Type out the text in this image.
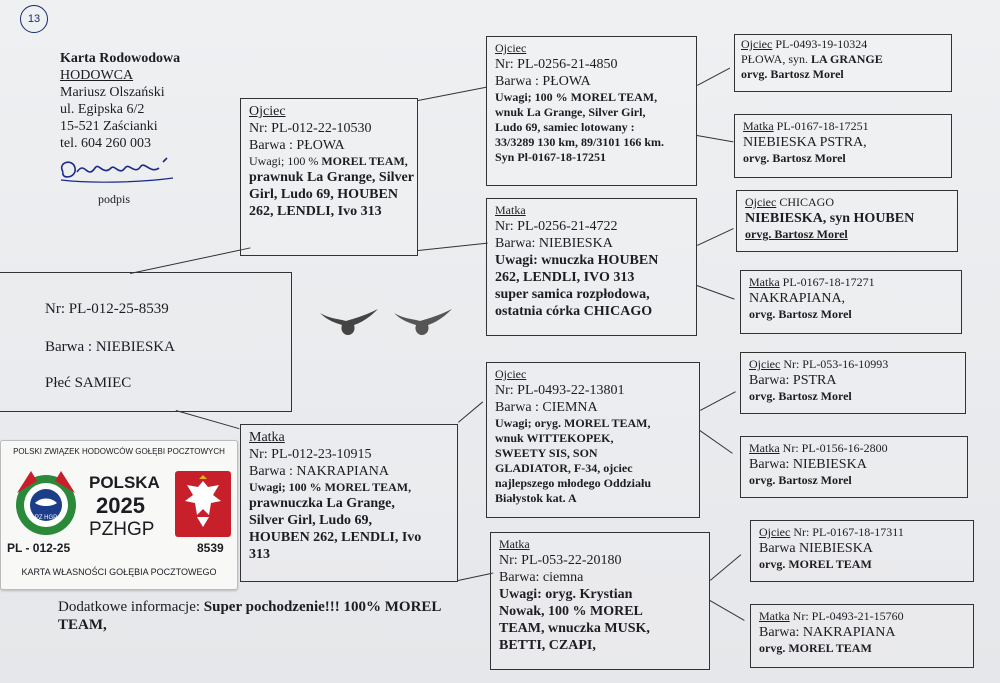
13
Karta Rodowodowa
HODOWCA
Mariusz Olszański
ul. Egipska 6/2
15-521 Zaścianki
tel. 604 260 003
podpis
Nr: PL-012-25-8539
Barwa : NIEBIESKA
Płeć SAMIEC
Ojciec
Nr: PL-012-22-10530
Barwa : PŁOWA
Uwagi; 100 % MOREL TEAM,
prawnuk La Grange, Silver
Girl, Ludo 69, HOUBEN
262, LENDLI, Ivo 313
Matka
Nr: PL-012-23-10915
Barwa : NAKRAPIANA
Uwagi; 100 % MOREL TEAM,
prawnuczka La Grange,
Silver Girl, Ludo 69,
HOUBEN 262, LENDLI, Ivo
313
Ojciec
Nr: PL-0256-21-4850
Barwa : PŁOWA
Uwagi; 100 % MOREL TEAM,
wnuk La Grange, Silver Girl,
Ludo 69, samiec lotowany :
33/3289 130 km, 89/3101 166 km.
Syn Pl-0167-18-17251
Matka
Nr: PL-0256-21-4722
Barwa: NIEBIESKA
Uwagi: wnuczka HOUBEN
262, LENDLI, IVO 313
super samica rozpłodowa,
ostatnia córka CHICAGO
Ojciec
Nr: PL-0493-22-13801
Barwa : CIEMNA
Uwagi; oryg. MOREL TEAM,
wnuk WITTEKOPEK,
SWEETY SIS, SON
GLADIATOR, F-34, ojciec
najlepszego młodego Oddziału
Białystok kat. A
Matka
Nr: PL-053-22-20180
Barwa: ciemna
Uwagi: oryg. Krystian
Nowak, 100 % MOREL
TEAM, wnuczka MUSK,
BETTI, CZAPI,
Ojciec PL-0493-19-10324
PŁOWA, syn. LA GRANGE
orvg. Bartosz Morel
Matka PL-0167-18-17251
NIEBIESKA PSTRA,
orvg. Bartosz Morel
Ojciec CHICAGO
NIEBIESKA, syn HOUBEN
orvg. Bartosz Morel
Matka PL-0167-18-17271
NAKRAPIANA,
orvg. Bartosz Morel
Ojciec Nr: PL-053-16-10993
Barwa: PSTRA
orvg. Bartosz Morel
Matka Nr: PL-0156-16-2800
Barwa: NIEBIESKA
orvg. Bartosz Morel
Ojciec Nr: PL-0167-18-17311
Barwa NIEBIESKA
orvg. MOREL TEAM
Matka Nr: PL-0493-21-15760
Barwa: NAKRAPIANA
orvg. MOREL TEAM
POLSKI ZWIĄZEK HODOWCÓW GOŁĘBI POCZTOWYCH
PZ HGP
POLSKA
2025
PZHGP
PL - 012-25	8539
KARTA WŁASNOŚCI GOŁĘBIA POCZTOWEGO
Dodatkowe informacje: Super pochodzenie!!! 100% MOREL
TEAM,
